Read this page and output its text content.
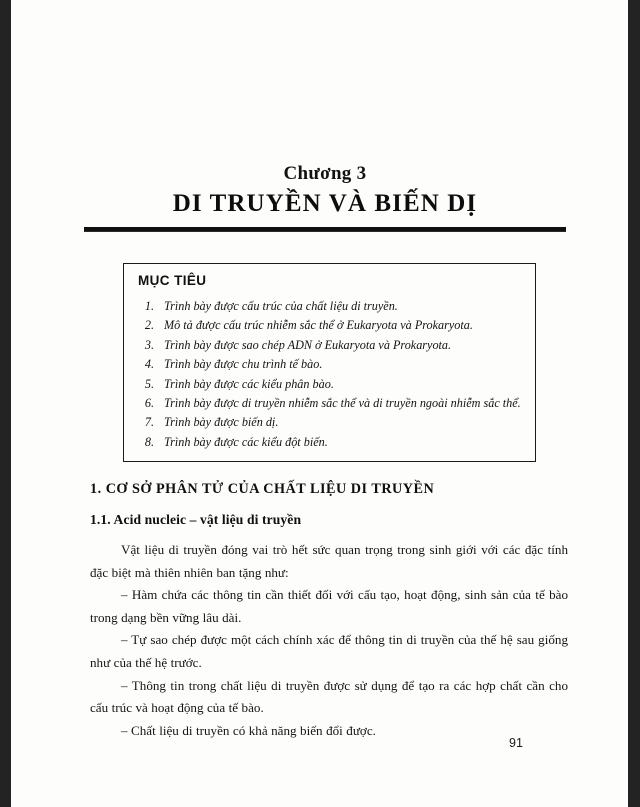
Chương 3
DI TRUYỀN VÀ BIẾN DỊ
MỤC TIÊU
1. Trình bày được cấu trúc của chất liệu di truyền.
2. Mô tả được cấu trúc nhiễm sắc thể ở Eukaryota và Prokaryota.
3. Trình bày được sao chép ADN ở Eukaryota và Prokaryota.
4. Trình bày được chu trình tế bào.
5. Trình bày được các kiểu phân bào.
6. Trình bày được di truyền nhiễm sắc thể và di truyền ngoài nhiễm sắc thể.
7. Trình bày được biến dị.
8. Trình bày được các kiểu đột biến.
1. CƠ SỞ PHÂN TỬ CỦA CHẤT LIỆU DI TRUYỀN
1.1. Acid nucleic – vật liệu di truyền

Vật liệu di truyền đóng vai trò hết sức quan trọng trong sinh giới với các đặc tính đặc biệt mà thiên nhiên ban tặng như:

– Hàm chứa các thông tin cần thiết đối với cấu tạo, hoạt động, sinh sản của tế bào trong dạng bền vững lâu dài.

– Tự sao chép được một cách chính xác để thông tin di truyền của thế hệ sau giống như của thế hệ trước.

– Thông tin trong chất liệu di truyền được sử dụng để tạo ra các hợp chất cần cho cấu trúc và hoạt động của tế bào.

– Chất liệu di truyền có khả năng biến đổi được.

91
